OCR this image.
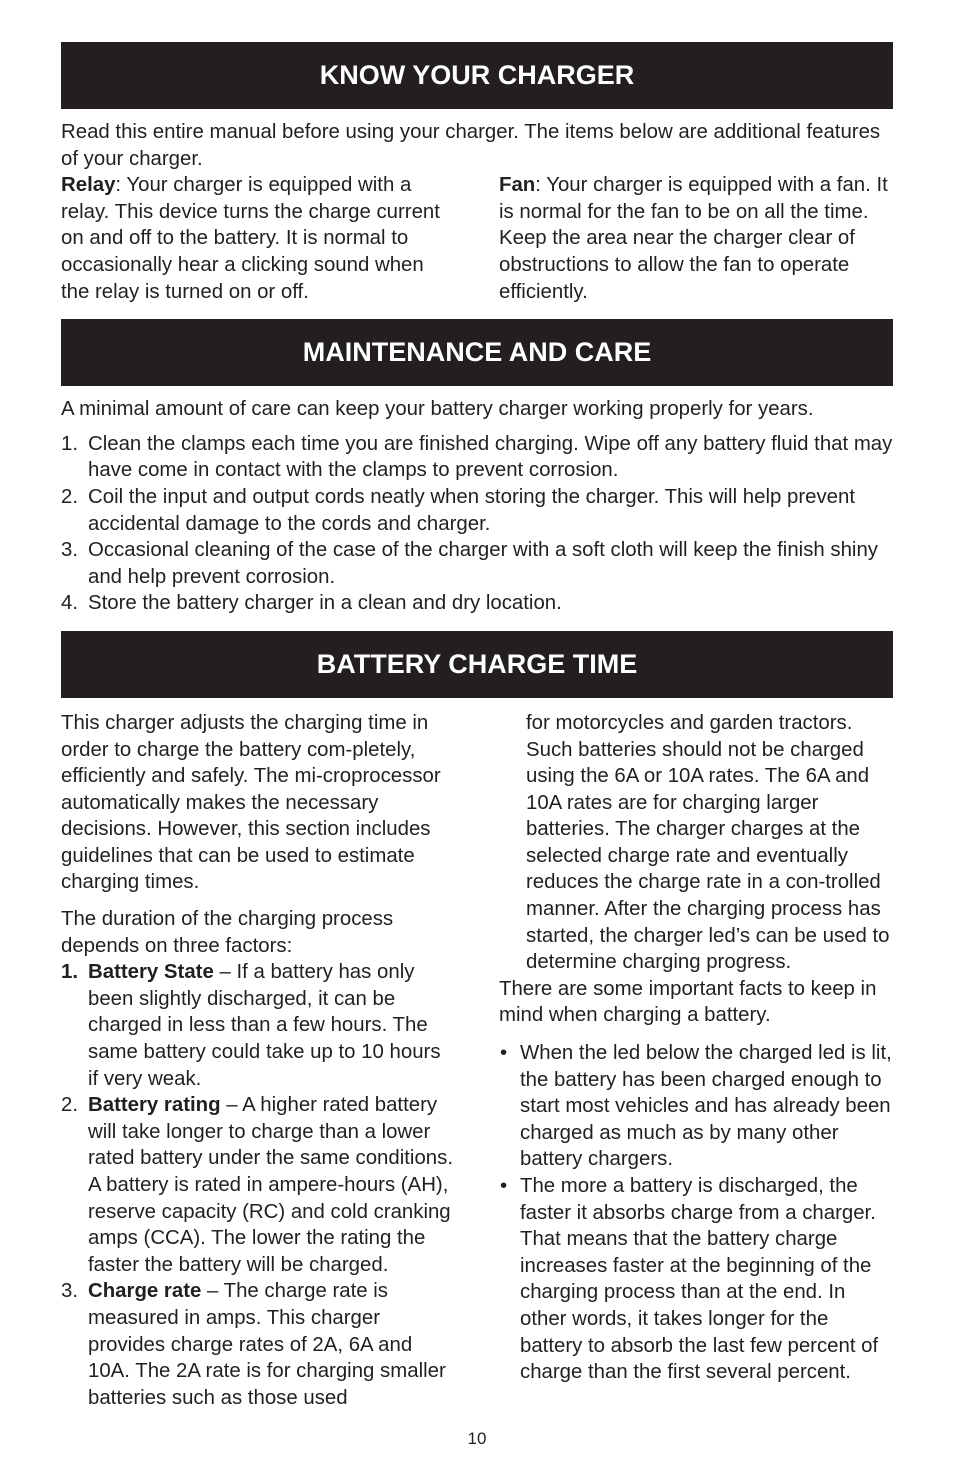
KNOW YOUR CHARGER
Read this entire manual before using your charger. The items below are additional features of your charger.
Relay: Your charger is equipped with a relay. This device turns the charge current on and off to the battery. It is normal to occasionally hear a clicking sound when the relay is turned on or off.
Fan: Your charger is equipped with a fan. It is normal for the fan to be on all the time. Keep the area near the charger clear of obstructions to allow the fan to operate efficiently.
MAINTENANCE AND CARE
A minimal amount of care can keep your battery charger working properly for years.
1. Clean the clamps each time you are finished charging. Wipe off any battery fluid that may have come in contact with the clamps to prevent corrosion.
2. Coil the input and output cords neatly when storing the charger. This will help prevent accidental damage to the cords and charger.
3. Occasional cleaning of the case of the charger with a soft cloth will keep the finish shiny and help prevent corrosion.
4. Store the battery charger in a clean and dry location.
BATTERY CHARGE TIME

This charger adjusts the charging time in order to charge the battery com-pletely, efficiently and safely. The mi-croprocessor automatically makes the necessary decisions. However, this section includes guidelines that can be used to estimate charging times.

The duration of the charging process depends on three factors:

1. Battery State – If a battery has only been slightly discharged, it can be charged in less than a few hours. The same battery could take up to 10 hours if very weak.
2. Battery rating – A higher rated battery will take longer to charge than a lower rated battery under the same conditions. A battery is rated in ampere-hours (AH), reserve capacity (RC) and cold cranking amps (CCA). The lower the rating the faster the battery will be charged.
3. Charge rate – The charge rate is measured in amps. This charger provides charge rates of 2A, 6A and 10A. The 2A rate is for charging smaller batteries such as those used

for motorcycles and garden tractors. Such batteries should not be charged using the 6A or 10A rates. The 6A and 10A rates are for charging larger batteries. The charger charges at the selected charge rate and eventually reduces the charge rate in a con-trolled manner. After the charging process has started, the charger led’s can be used to determine charging progress.

There are some important facts to keep in mind when charging a battery.

• When the led below the charged led is lit, the battery has been charged enough to start most vehicles and has already been charged as much as by many other battery chargers.
• The more a battery is discharged, the faster it absorbs charge from a charger. That means that the battery charge increases faster at the beginning of the charging process than at the end. In other words, it takes longer for the battery to absorb the last few percent of charge than the first several percent.
10
